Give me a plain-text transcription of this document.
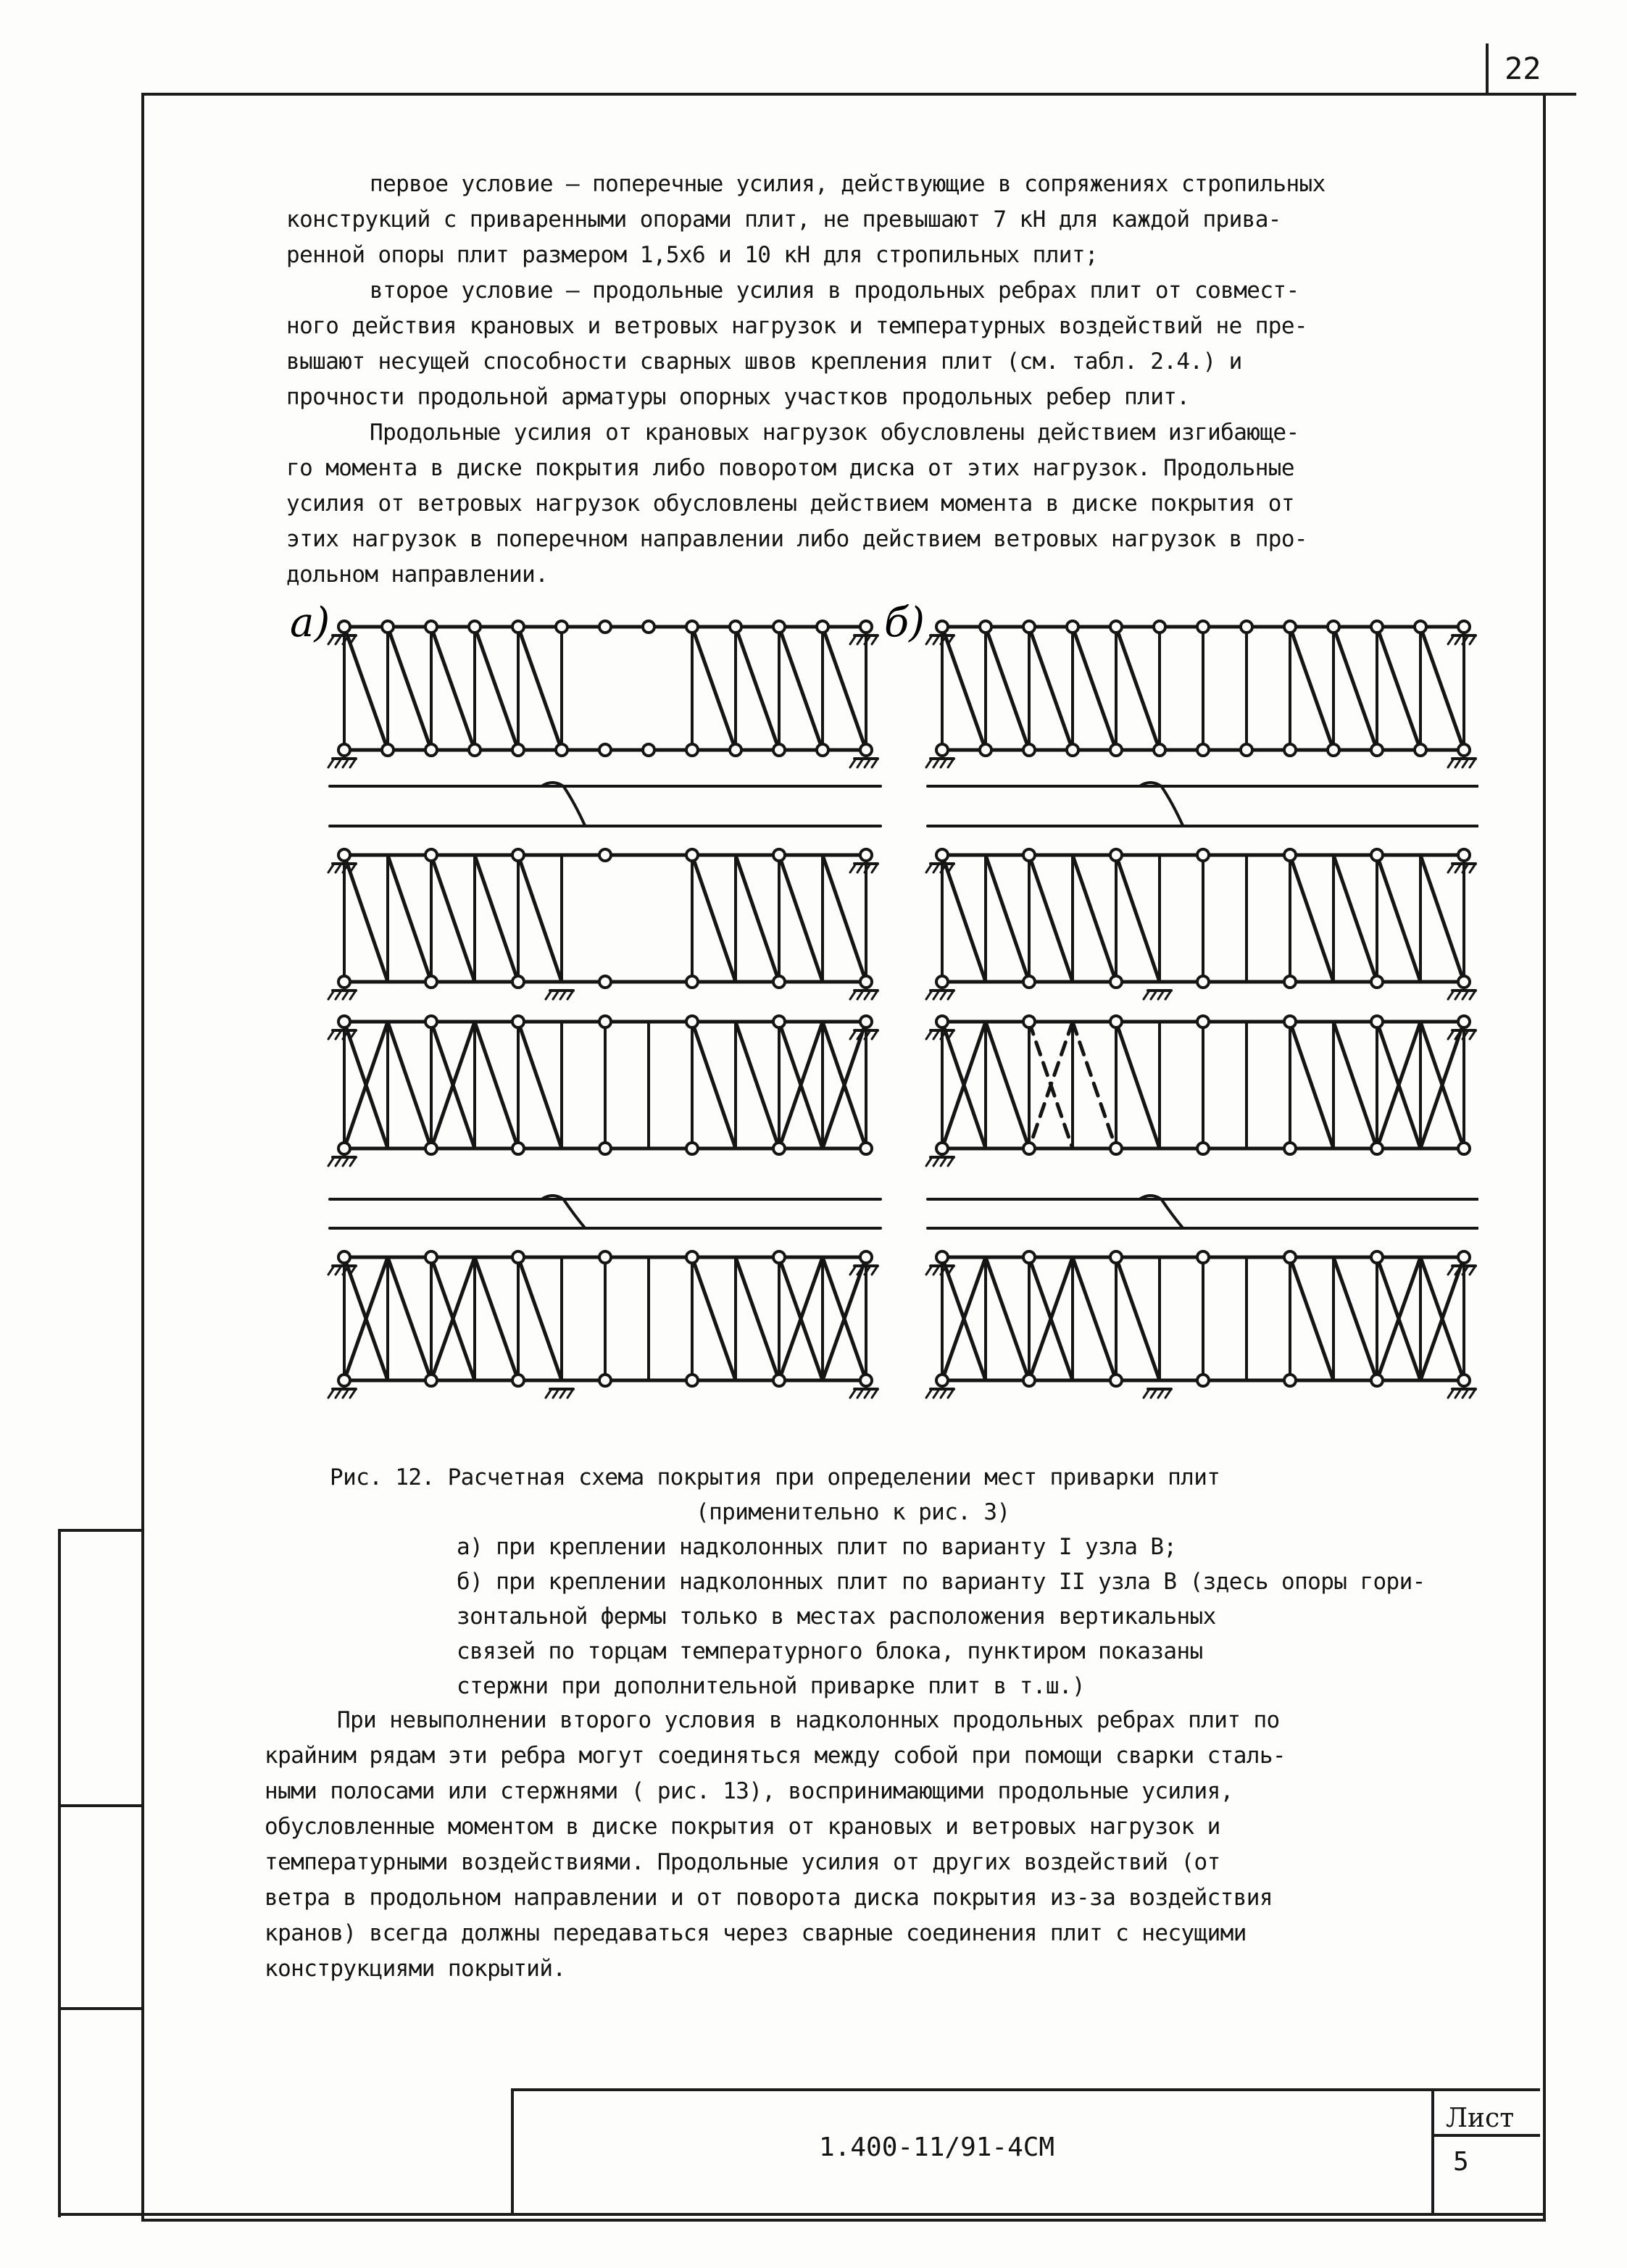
22

первое условие – поперечные усилия, действующие в сопряжениях стропильных

конструкций с приваренными опорами плит, не превышают 7 кН для каждой прива-

ренной опоры плит размером 1,5х6 и 10 кН для стропильных плит;

второе условие – продольные усилия в продольных ребрах плит от совмест-

ного действия крановых и ветровых нагрузок и температурных воздействий не пре-

вышают несущей способности сварных швов крепления плит (см. табл. 2.4.) и

прочности продольной арматуры опорных участков продольных ребер плит.

Продольные усилия от крановых нагрузок обусловлены действием изгибающе-

го момента в диске покрытия либо поворотом диска от этих нагрузок. Продольные

усилия от ветровых нагрузок обусловлены действием момента в диске покрытия от

этих нагрузок в поперечном направлении либо действием ветровых нагрузок в про-

дольном направлении.

а)	б)

Рис. 12. Расчетная схема покрытия при определении мест приварки плит

(применительно к рис. 3)

а) при креплении надколонных плит по варианту I узла В;

б) при креплении надколонных плит по варианту II узла В (здесь опоры гори-

зонтальной фермы только в местах расположения вертикальных

связей по торцам температурного блока, пунктиром показаны

стержни при дополнительной приварке плит в т.ш.)

При невыполнении второго условия в надколонных продольных ребрах плит по

крайним рядам эти ребра могут соединяться между собой при помощи сварки сталь-

ными полосами или стержнями ( рис. 13), воспринимающими продольные усилия,

обусловленные моментом в диске покрытия от крановых и ветровых нагрузок и

температурными воздействиями. Продольные усилия от других воздействий (от

ветра в продольном направлении и от поворота диска покрытия из-за воздействия

кранов) всегда должны передаваться через сварные соединения плит с несущими

конструкциями покрытий.

1.400-11/91-4СМ
Лист
5
